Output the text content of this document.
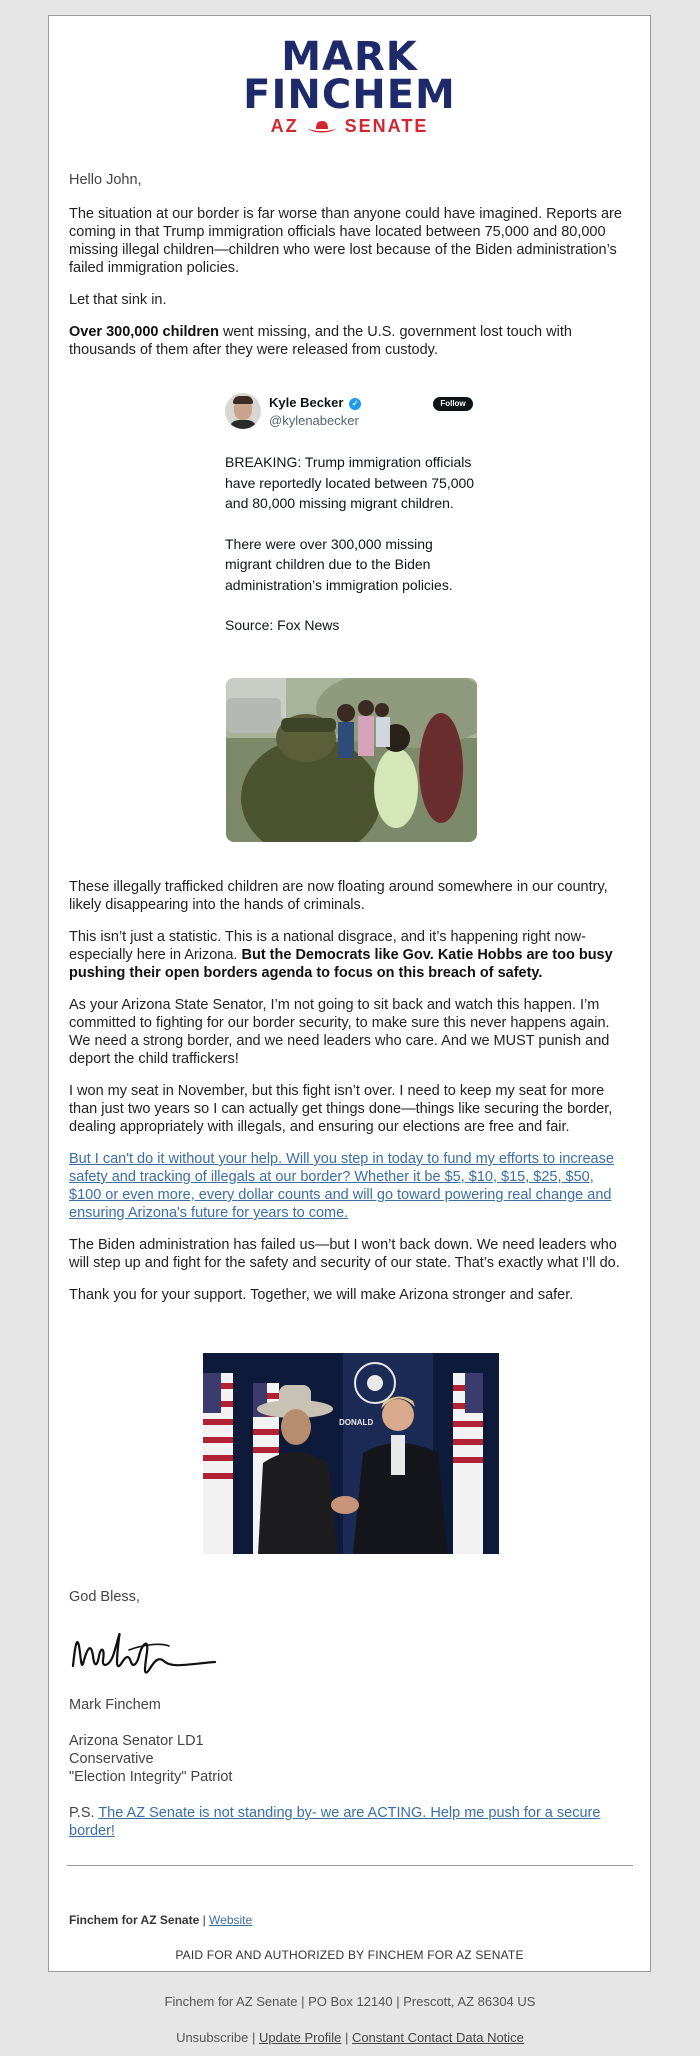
MARK
FINCHEM
AZ	SENATE

Hello John,

The situation at our border is far worse than anyone could have imagined. Reports are coming in that Trump immigration officials have located between 75,000 and 80,000 missing illegal children—children who were lost because of the Biden administration’s failed immigration policies.

Let that sink in.

Over 300,000 children went missing, and the U.S. government lost touch with thousands of them after they were released from custody.

Kyle Becker ✓
@kylenabecker
Follow

BREAKING: Trump immigration officials have reportedly located between 75,000 and 80,000 missing migrant children.

There were over 300,000 missing migrant children due to the Biden administration’s immigration policies.

Source: Fox News

These illegally trafficked children are now floating around somewhere in our country, likely disappearing into the hands of criminals.

This isn’t just a statistic. This is a national disgrace, and it’s happening right now- especially here in Arizona. But the Democrats like Gov. Katie Hobbs are too busy pushing their open borders agenda to focus on this breach of safety.

As your Arizona State Senator, I’m not going to sit back and watch this happen. I’m committed to fighting for our border security, to make sure this never happens again. We need a strong border, and we need leaders who care. And we MUST punish and deport the child traffickers!

I won my seat in November, but this fight isn’t over. I need to keep my seat for more than just two years so I can actually get things done—things like securing the border, dealing appropriately with illegals, and ensuring our elections are free and fair.

But I can't do it without your help. Will you step in today to fund my efforts to increase safety and tracking of illegals at our border? Whether it be $5, $10, $15, $25, $50, $100 or even more, every dollar counts and will go toward powering real change and ensuring Arizona's future for years to come.

The Biden administration has failed us—but I won’t back down. We need leaders who will step up and fight for the safety and security of our state. That’s exactly what I’ll do.

Thank you for your support. Together, we will make Arizona stronger and safer.

DONALD

God Bless,

Mark Finchem

Arizona Senator LD1

Conservative

"Election Integrity" Patriot

P.S. The AZ Senate is not standing by- we are ACTING. Help me push for a secure border!

Finchem for AZ Senate | Website
PAID FOR AND AUTHORIZED BY FINCHEM FOR AZ SENATE
Finchem for AZ Senate | PO Box 12140 | Prescott, AZ 86304 US
Unsubscribe | Update Profile | Constant Contact Data Notice
